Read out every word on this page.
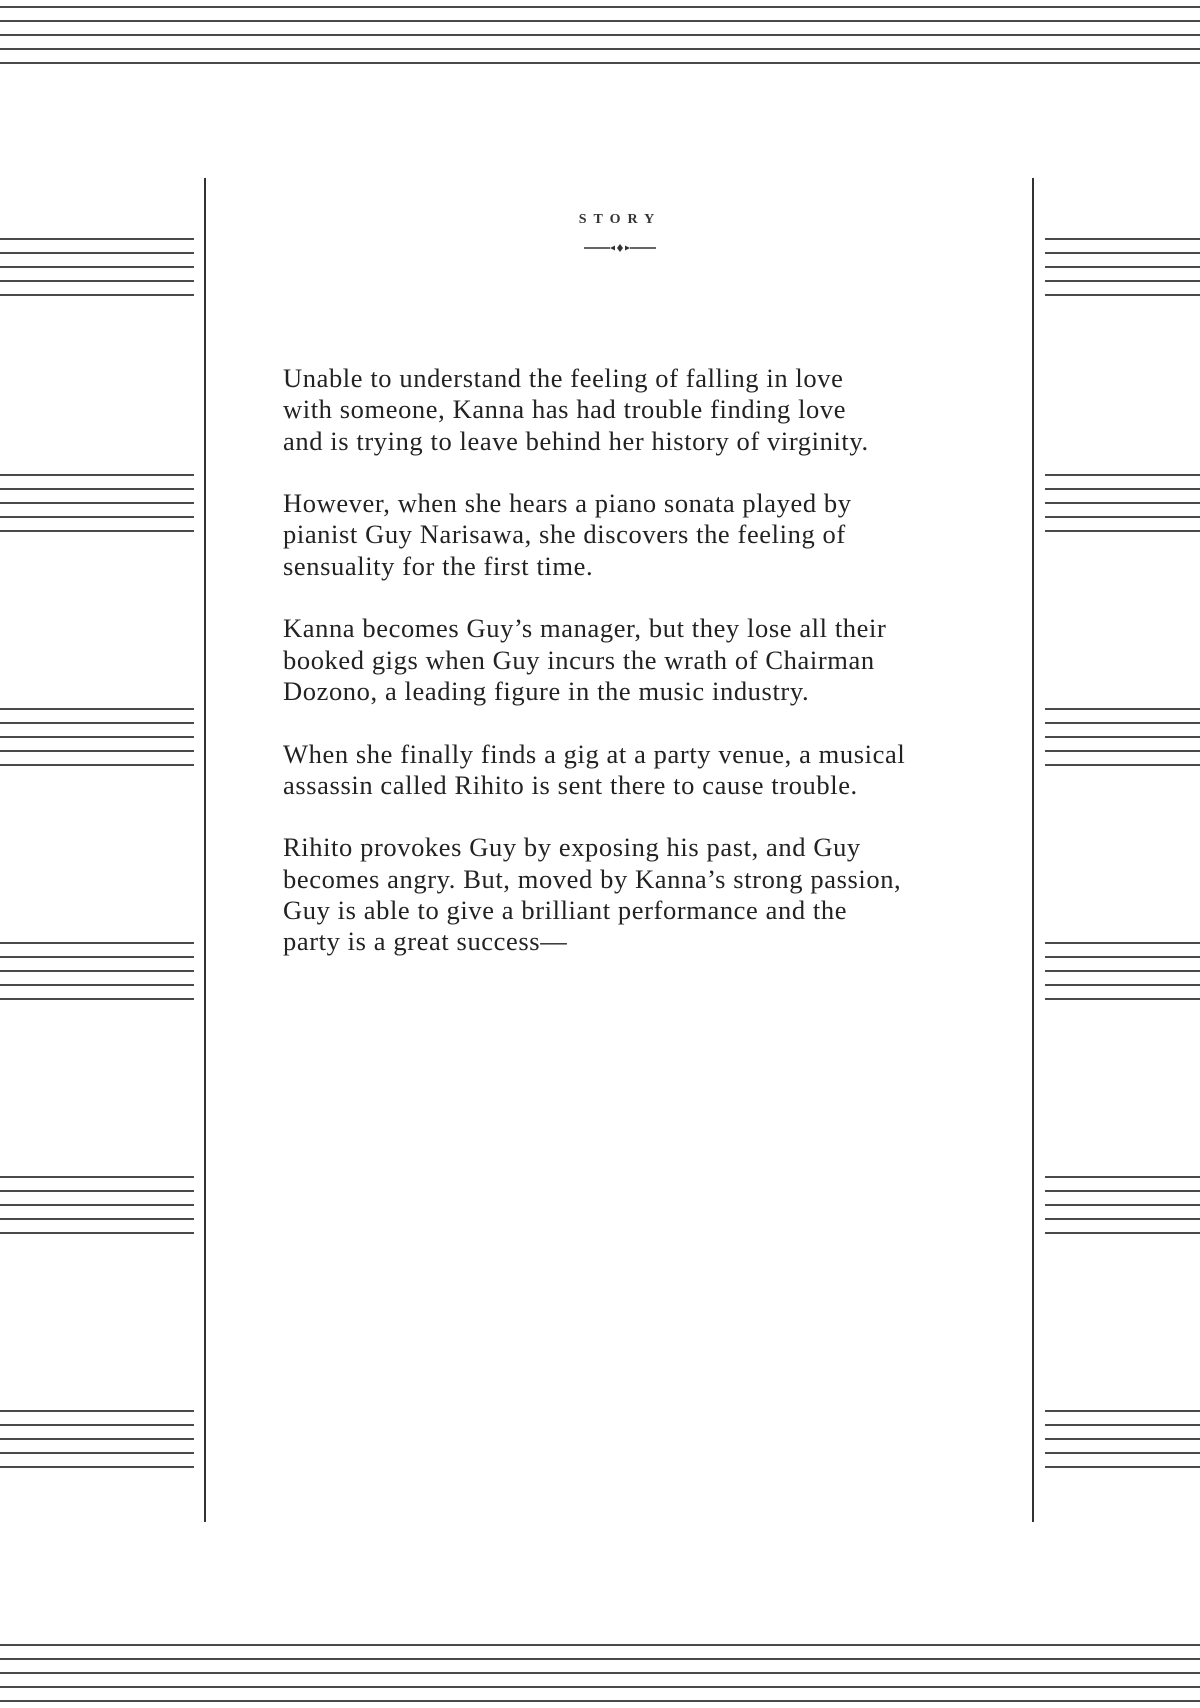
STORY

Unable to understand the feeling of falling in love
with someone, Kanna has had trouble finding love
and is trying to leave behind her history of virginity.

However, when she hears a piano sonata played by
pianist Guy Narisawa, she discovers the feeling of
sensuality for the first time.

Kanna becomes Guy’s manager, but they lose all their
booked gigs when Guy incurs the wrath of Chairman
Dozono, a leading figure in the music industry.

When she finally finds a gig at a party venue, a musical
assassin called Rihito is sent there to cause trouble.

Rihito provokes Guy by exposing his past, and Guy
becomes angry. But, moved by Kanna’s strong passion,
Guy is able to give a brilliant performance and the
party is a great success—
